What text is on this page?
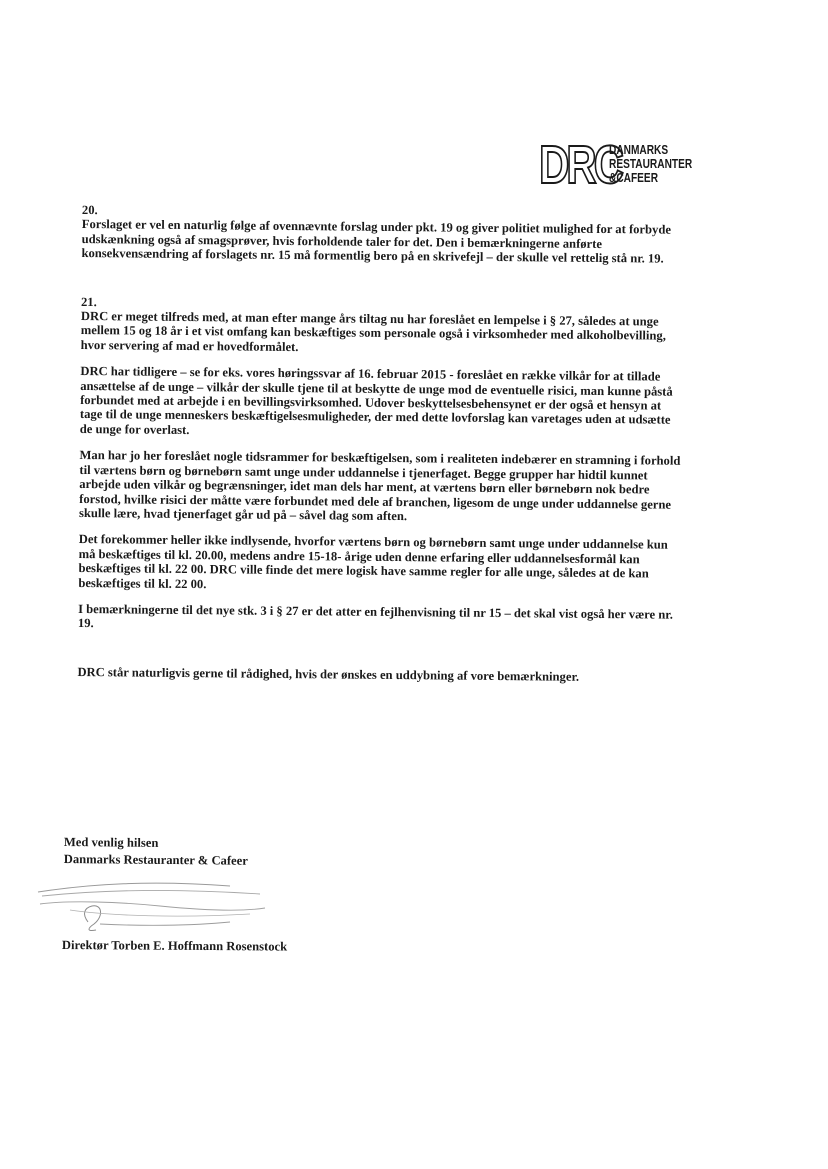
DRC
DANMARKS
RESTAURANTER
&CAFEER

20.

Forslaget er vel en naturlig følge af ovennævnte forslag under pkt. 19 og giver politiet mulighed for at forbyde udskænkning også af smagsprøver, hvis forholdende taler for det. Den i bemærkningerne anførte konsekvensændring af forslagets nr. 15 må formentlig bero på en skrivefejl – der skulle vel rettelig stå nr. 19.

21.

DRC er meget tilfreds med, at man efter mange års tiltag nu har foreslået en lempelse i § 27, således at unge mellem 15 og 18 år i et vist omfang kan beskæftiges som personale også i virksomheder med alkoholbevilling, hvor servering af mad er hovedformålet.

DRC har tidligere – se for eks. vores høringssvar af 16. februar 2015 - foreslået en række vilkår for at tillade ansættelse af de unge – vilkår der skulle tjene til at beskytte de unge mod de eventuelle risici, man kunne påstå forbundet med at arbejde i en bevillingsvirksomhed. Udover beskyttelsesbehensynet er der også et hensyn at tage til de unge menneskers beskæftigelsesmuligheder, der med dette lovforslag kan varetages uden at udsætte de unge for overlast.

Man har jo her foreslået nogle tidsrammer for beskæftigelsen, som i realiteten indebærer en stramning i forhold til værtens børn og børnebørn samt unge under uddannelse i tjenerfaget. Begge grupper har hidtil kunnet arbejde uden vilkår og begrænsninger, idet man dels har ment, at værtens børn eller børnebørn nok bedre forstod, hvilke risici der måtte være forbundet med dele af branchen, ligesom de unge under uddannelse gerne skulle lære, hvad tjenerfaget går ud på – såvel dag som aften.

Det forekommer heller ikke indlysende, hvorfor værtens børn og børnebørn samt unge under uddannelse kun må beskæftiges til kl. 20.00, medens andre 15-18- årige uden denne erfaring eller uddannelsesformål kan beskæftiges til kl. 22 00. DRC ville finde det mere logisk have samme regler for alle unge, således at de kan beskæftiges til kl. 22 00.

I bemærkningerne til det nye stk. 3 i § 27 er det atter en fejlhenvisning til nr 15 – det skal vist også her være nr. 19.

DRC står naturligvis gerne til rådighed, hvis der ønskes en uddybning af vore bemærkninger.

Med venlig hilsen
Danmarks Restauranter & Cafeer
Direktør Torben E. Hoffmann Rosenstock
